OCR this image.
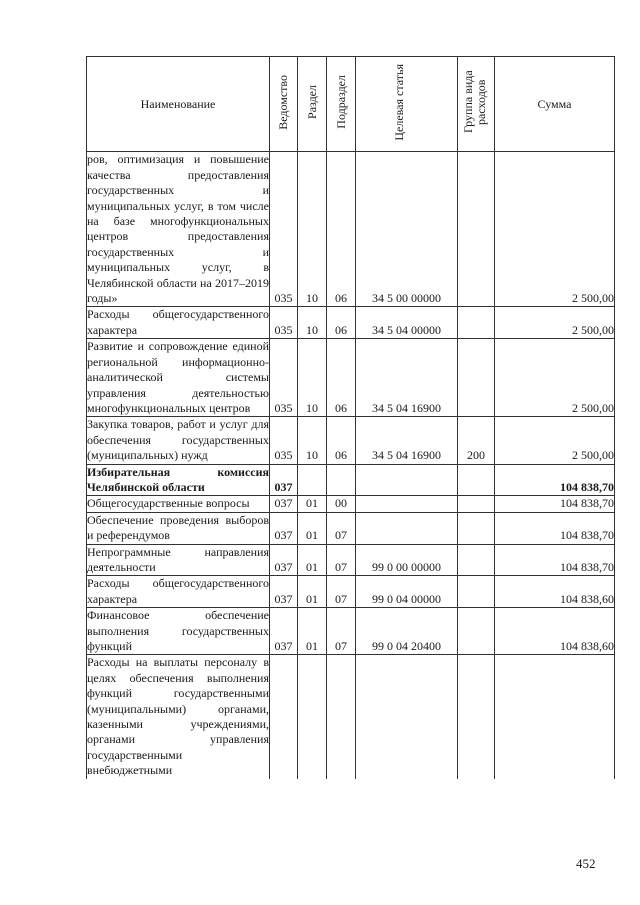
Наименование	Ведомство	Раздел	Подраздел	Целевая статья	Группа вида расходов	Сумма
ров, оптимизация и повышение качества предоставления государственных и муниципальных услуг, в том числе на базе многофункциональных центров предоставления государственных и муниципальных услуг, в Челябинской области на 2017–2019 годы»	035	10	06	34 5 00 00000		2 500,00
Расходы общегосударственного характера	035	10	06	34 5 04 00000		2 500,00
Развитие и сопровождение единой региональной информационно-аналитической системы управления деятельностью многофункциональных центров	035	10	06	34 5 04 16900		2 500,00
Закупка товаров, работ и услуг для обеспечения государственных (муниципальных) нужд	035	10	06	34 5 04 16900	200	2 500,00
Избирательная комиссия Челябинской области	037					104 838,70
Общегосударственные вопросы	037	01	00			104 838,70
Обеспечение проведения выборов и референдумов	037	01	07			104 838,70
Непрограммные направления деятельности	037	01	07	99 0 00 00000		104 838,70
Расходы общегосударственного характера	037	01	07	99 0 04 00000		104 838,60
Финансовое обеспечение выполнения государственных функций	037	01	07	99 0 04 20400		104 838,60
Расходы на выплаты персоналу в целях обеспечения выполнения функций государственными (муниципальными) органами, казенными учреждениями, органами управления государственными внебюджетными						
452
